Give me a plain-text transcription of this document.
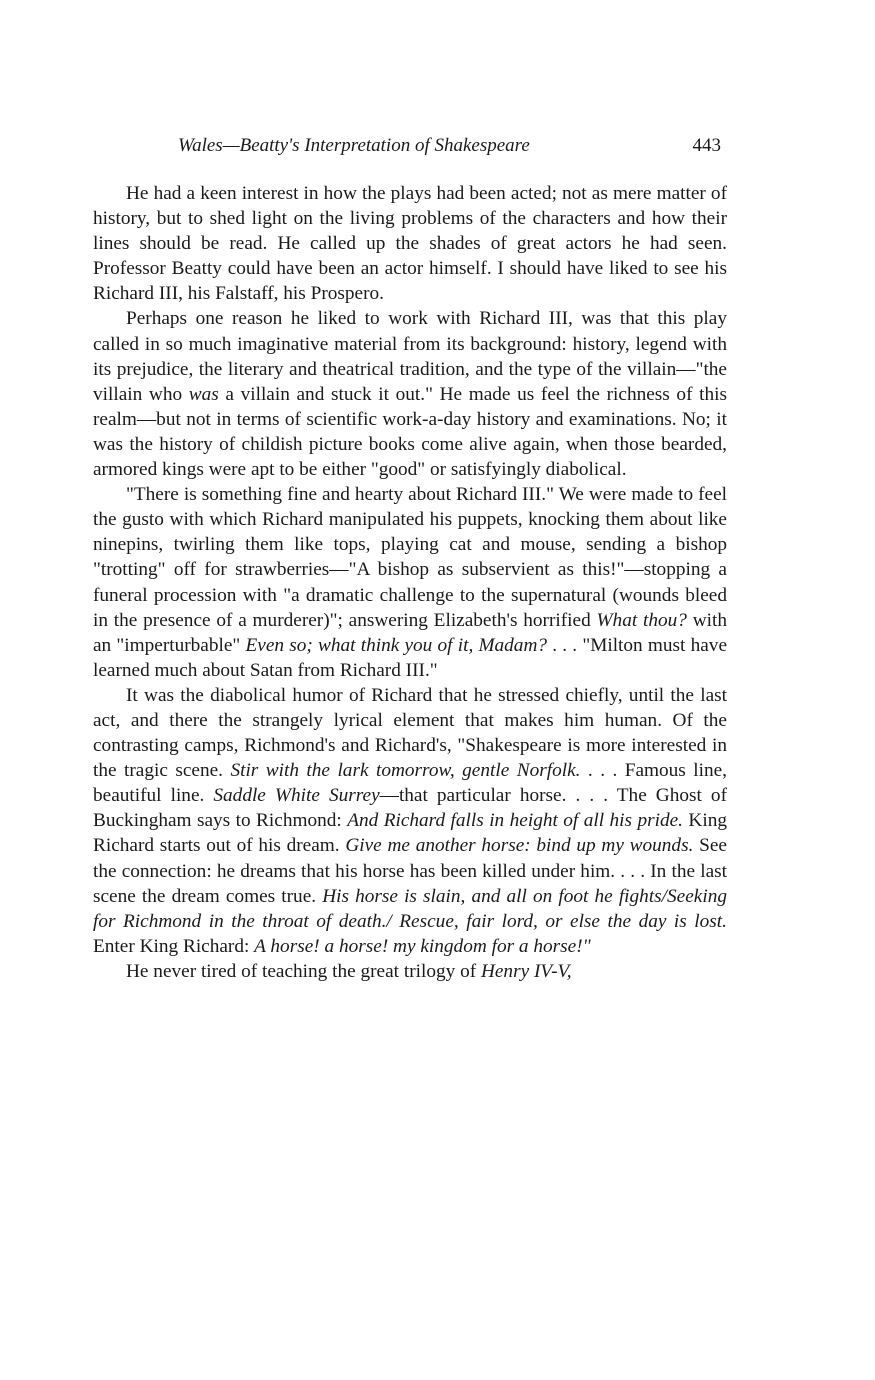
Wales—Beatty's Interpretation of Shakespeare	443

He had a keen interest in how the plays had been acted; not as mere matter of history, but to shed light on the living problems of the characters and how their lines should be read. He called up the shades of great actors he had seen. Professor Beatty could have been an actor himself. I should have liked to see his Richard III, his Falstaff, his Prospero.

Perhaps one reason he liked to work with Richard III, was that this play called in so much imaginative material from its background: history, legend with its prejudice, the literary and theatrical tradition, and the type of the villain—"the villain who was a villain and stuck it out." He made us feel the richness of this realm—but not in terms of scientific work-a-day history and examinations. No; it was the history of childish picture books come alive again, when those bearded, armored kings were apt to be either "good" or satisfyingly diabolical.

"There is something fine and hearty about Richard III." We were made to feel the gusto with which Richard manipulated his puppets, knocking them about like ninepins, twirling them like tops, playing cat and mouse, sending a bishop "trotting" off for strawberries—"A bishop as subservient as this!"—stopping a funeral procession with "a dramatic challenge to the supernatural (wounds bleed in the presence of a murderer)"; answering Elizabeth's horrified What thou? with an "imperturbable" Even so; what think you of it, Madam? . . . "Milton must have learned much about Satan from Richard III."

It was the diabolical humor of Richard that he stressed chiefly, until the last act, and there the strangely lyrical element that makes him human. Of the contrasting camps, Richmond's and Richard's, "Shakespeare is more interested in the tragic scene. Stir with the lark tomorrow, gentle Norfolk. . . . Famous line, beautiful line. Saddle White Surrey—that particular horse. . . . The Ghost of Buckingham says to Richmond: And Richard falls in height of all his pride. King Richard starts out of his dream. Give me another horse: bind up my wounds. See the connection: he dreams that his horse has been killed under him. . . . In the last scene the dream comes true. His horse is slain, and all on foot he fights/Seeking for Richmond in the throat of death./ Rescue, fair lord, or else the day is lost. Enter King Richard: A horse! a horse! my kingdom for a horse!"

He never tired of teaching the great trilogy of Henry IV-V,
